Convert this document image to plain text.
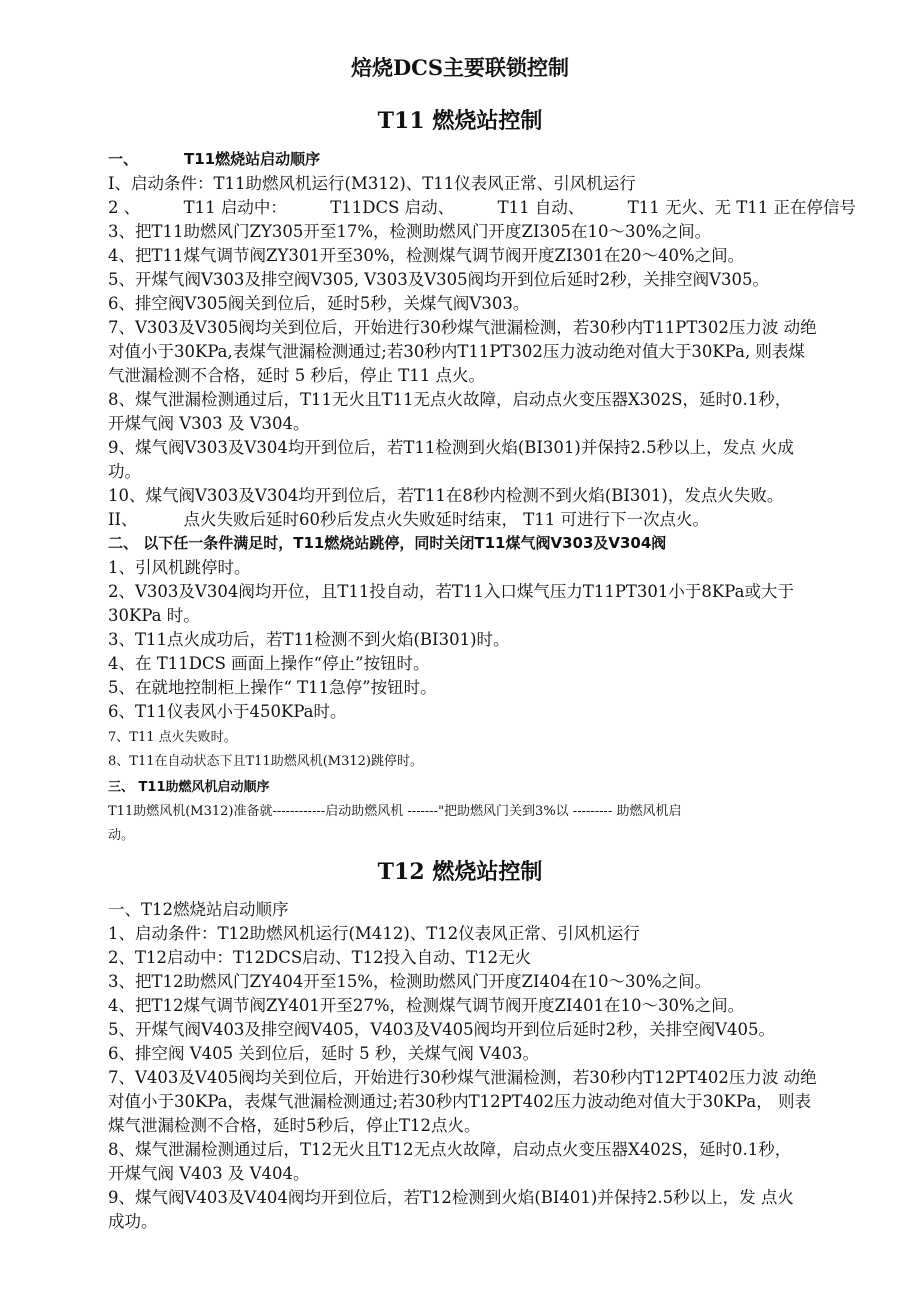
焙烧DCS主要联锁控制
T11 燃烧站控制
一、	T11燃烧站启动顺序
I、启动条件：T11助燃风机运行(M312)、T11仪表风正常、引风机运行
2 、	T11 启动中：	T11DCS 启动、	T11 自动、	T11 无火、无 T11 正在停信号
3、把T11助燃风门ZY305开至17%，检测助燃风门开度ZI305在10〜30%之间。
4、把T11煤气调节阀ZY301开至30%，检测煤气调节阀开度ZI301在20〜40%之间。
5、开煤气阀V303及排空阀V305, V303及V305阀均开到位后延时2秒，关排空阀V305。
6、排空阀V305阀关到位后，延时5秒，关煤气阀V303。
7、V303及V305阀均关到位后，开始进行30秒煤气泄漏检测，若30秒内T11PT302压力波 动绝
对值小于30KPa,表煤气泄漏检测通过;若30秒内T11PT302压力波动绝对值大于30KPa, 则表煤
气泄漏检测不合格，延时 5 秒后，停止 T11 点火。
8、煤气泄漏检测通过后，T11无火且T11无点火故障，启动点火变压器X302S，延时0.1秒，
开煤气阀 V303 及 V304。
9、煤气阀V303及V304均开到位后，若T11检测到火焰(BI301)并保持2.5秒以上，发点 火成
功。
10、煤气阀V303及V304均开到位后，若T11在8秒内检测不到火焰(BI301)，发点火失败。
II、	点火失败后延时60秒后发点火失败延时结束， T11 可进行下一次点火。
二、 以下任一条件满足时，T11燃烧站跳停，同时关闭T11煤气阀V303及V304阀
1、引风机跳停时。
2、V303及V304阀均开位，且T11投自动，若T11入口煤气压力T11PT301小于8KPa或大于
30KPa 时。
3、T11点火成功后，若T11检测不到火焰(BI301)时。
4、在 T11DCS 画面上操作“停止”按钮时。
5、在就地控制柜上操作“ T11急停”按钮时。
6、T11仪表风小于450KPa时。
7、T11 点火失败时。
8、T11在自动状态下且T11助燃风机(M312)跳停时。
三、 T11助燃风机启动顺序
T11助燃风机(M312)准备就------------启动助燃风机 -------"把助燃风门关到3%以 --------- 助燃风机启
动。
T12 燃烧站控制
一、T12燃烧站启动顺序
1、启动条件：T12助燃风机运行(M412)、T12仪表风正常、引风机运行
2、T12启动中：T12DCS启动、T12投入自动、T12无火
3、把T12助燃风门ZY404开至15%，检测助燃风门开度ZI404在10〜30%之间。
4、把T12煤气调节阀ZY401开至27%，检测煤气调节阀开度ZI401在10〜30%之间。
5、开煤气阀V403及排空阀V405，V403及V405阀均开到位后延时2秒，关排空阀V405。
6、排空阀 V405 关到位后，延时 5 秒，关煤气阀 V403。
7、V403及V405阀均关到位后，开始进行30秒煤气泄漏检测，若30秒内T12PT402压力波 动绝
对值小于30KPa，表煤气泄漏检测通过;若30秒内T12PT402压力波动绝对值大于30KPa， 则表
煤气泄漏检测不合格，延时5秒后，停止T12点火。
8、煤气泄漏检测通过后，T12无火且T12无点火故障，启动点火变压器X402S，延时0.1秒，
开煤气阀 V403 及 V404。
9、煤气阀V403及V404阀均开到位后，若T12检测到火焰(BI401)并保持2.5秒以上，发 点火
成功。
